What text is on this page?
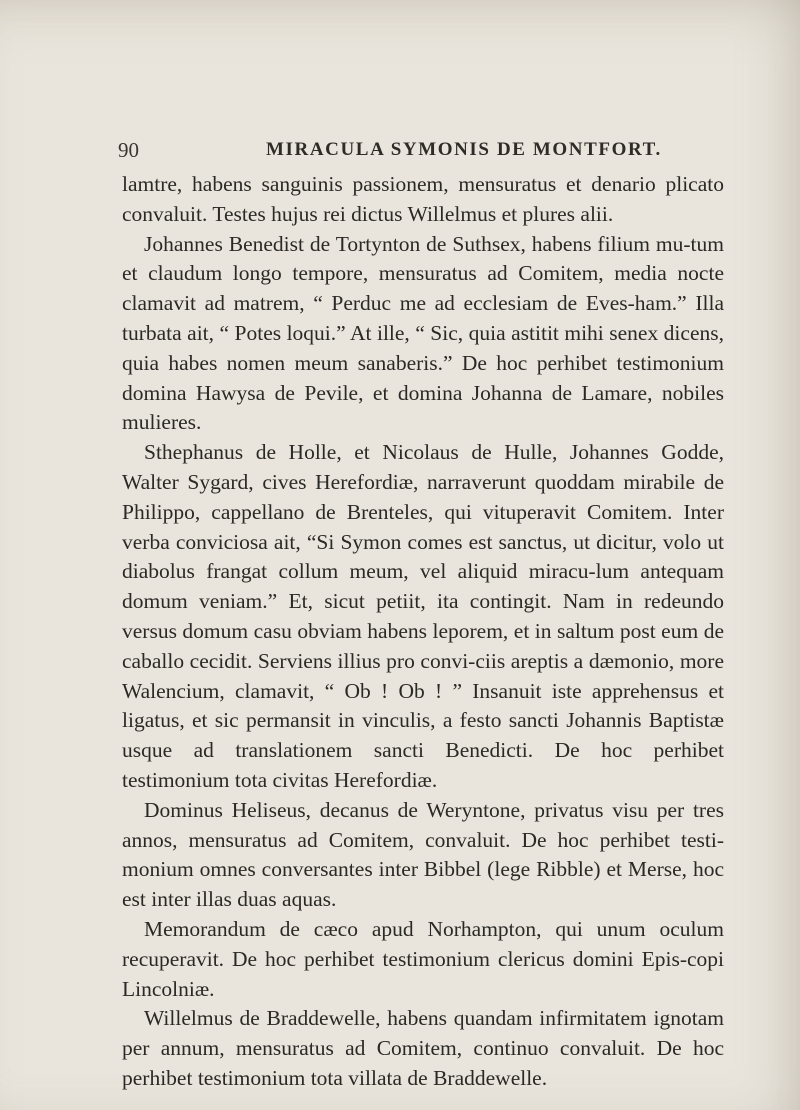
90	MIRACULA SYMONIS DE MONTFORT.

lamtre, habens sanguinis passionem, mensuratus et denario plicato convaluit. Testes hujus rei dictus Willelmus et plures alii.

Johannes Benedist de Tortynton de Suthsex, habens filium mu-tum et claudum longo tempore, mensuratus ad Comitem, media nocte clamavit ad matrem, “ Perduc me ad ecclesiam de Eves-ham.” Illa turbata ait, “ Potes loqui.” At ille, “ Sic, quia astitit mihi senex dicens, quia habes nomen meum sanaberis.” De hoc perhibet testimonium domina Hawysa de Pevile, et domina Johanna de Lamare, nobiles mulieres.

Sthephanus de Holle, et Nicolaus de Hulle, Johannes Godde, Walter Sygard, cives Herefordiæ, narraverunt quoddam mirabile de Philippo, cappellano de Brenteles, qui vituperavit Comitem. Inter verba conviciosa ait, “Si Symon comes est sanctus, ut dicitur, volo ut diabolus frangat collum meum, vel aliquid miracu-lum antequam domum veniam.” Et, sicut petiit, ita contingit. Nam in redeundo versus domum casu obviam habens leporem, et in saltum post eum de caballo cecidit. Serviens illius pro convi-ciis areptis a dæmonio, more Walencium, clamavit, “ Ob ! Ob ! ” Insanuit iste apprehensus et ligatus, et sic permansit in vinculis, a festo sancti Johannis Baptistæ usque ad translationem sancti Benedicti. De hoc perhibet testimonium tota civitas Herefordiæ.

Dominus Heliseus, decanus de Weryntone, privatus visu per tres annos, mensuratus ad Comitem, convaluit. De hoc perhibet testi-monium omnes conversantes inter Bibbel (lege Ribble) et Merse, hoc est inter illas duas aquas.

Memorandum de cæco apud Norhampton, qui unum oculum recuperavit. De hoc perhibet testimonium clericus domini Epis-copi Lincolniæ.

Willelmus de Braddewelle, habens quandam infirmitatem ignotam per annum, mensuratus ad Comitem, continuo convaluit. De hoc perhibet testimonium tota villata de Braddewelle.
